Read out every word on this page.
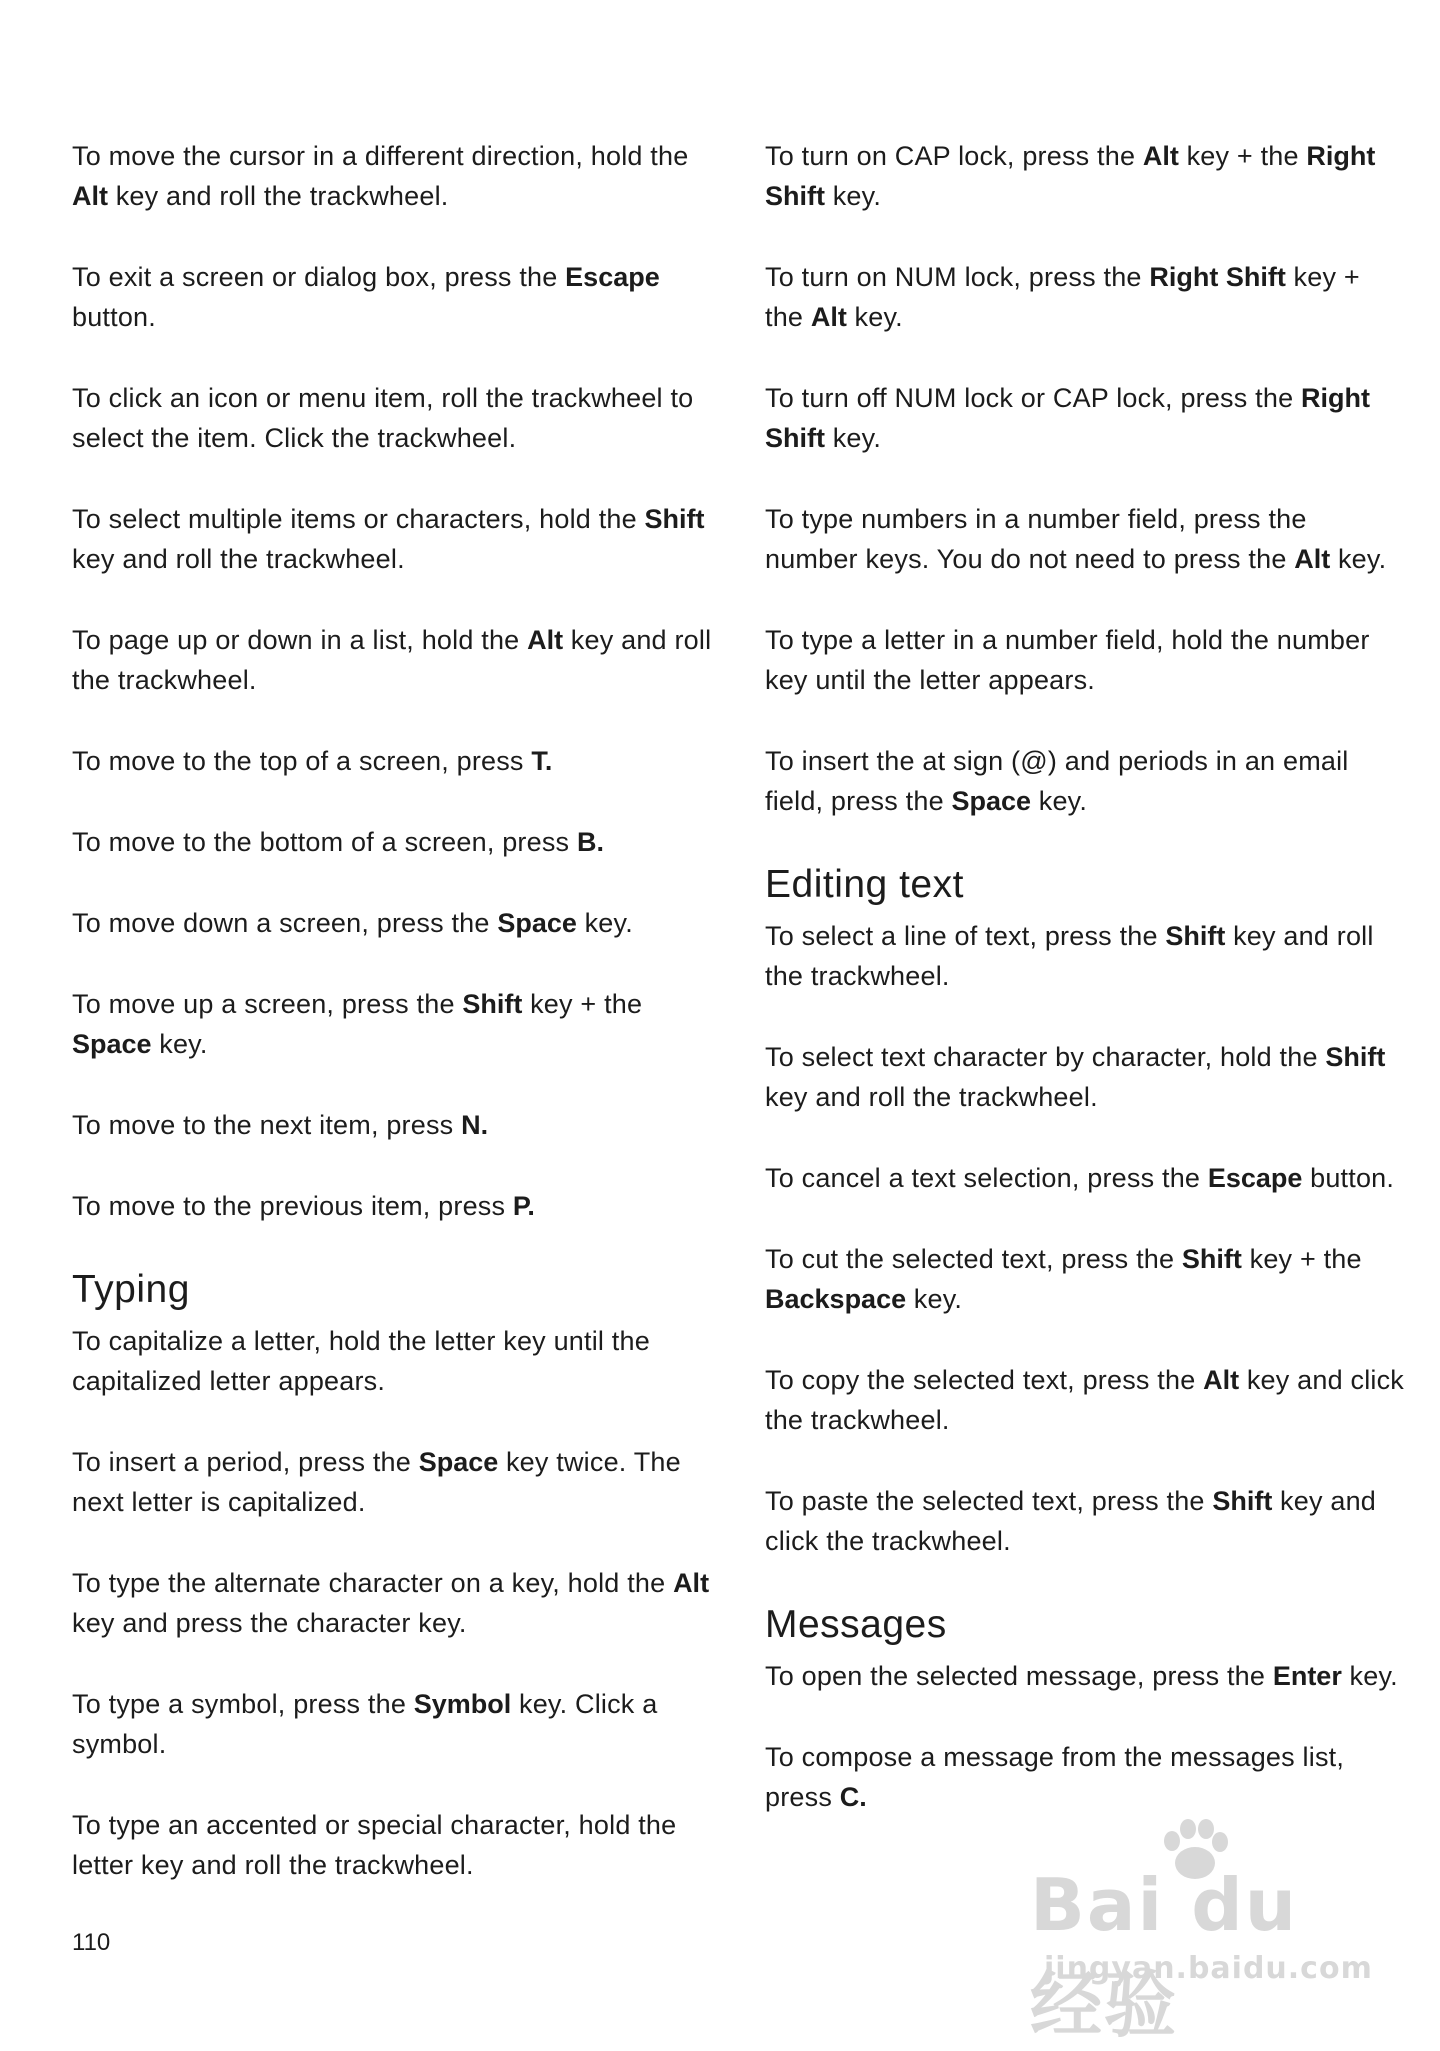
To move the cursor in a different direction, hold the Alt key and roll the trackwheel.

To exit a screen or dialog box, press the Escape button.

To click an icon or menu item, roll the trackwheel to select the item. Click the trackwheel.

To select multiple items or characters, hold the Shift key and roll the trackwheel.

To page up or down in a list, hold the Alt key and roll the trackwheel.

To move to the top of a screen, press T.

To move to the bottom of a screen, press B.

To move down a screen, press the Space key.

To move up a screen, press the Shift key + the Space key.

To move to the next item, press N.

To move to the previous item, press P.

Typing

To capitalize a letter, hold the letter key until the capitalized letter appears.

To insert a period, press the Space key twice. The next letter is capitalized.

To type the alternate character on a key, hold the Alt key and press the character key.

To type a symbol, press the Symbol key. Click a symbol.

To type an accented or special character, hold the letter key and roll the trackwheel.

To turn on CAP lock, press the Alt key + the Right Shift key.

To turn on NUM lock, press the Right Shift key + the Alt key.

To turn off NUM lock or CAP lock, press the Right Shift key.

To type numbers in a number field, press the number keys. You do not need to press the Alt key.

To type a letter in a number field, hold the number key until the letter appears.

To insert the at sign (@) and periods in an email field, press the Space key.

Editing text

To select a line of text, press the Shift key and roll the trackwheel.

To select text character by character, hold the Shift key and roll the trackwheel.

To cancel a text selection, press the Escape button.

To cut the selected text, press the Shift key + the Backspace key.

To copy the selected text, press the Alt key and click the trackwheel.

To paste the selected text, press the Shift key and click the trackwheel.

Messages

To open the selected message, press the Enter key.

To compose a message from the messages list, press C.

110	Bai du 经验
jingyan.baidu.com
